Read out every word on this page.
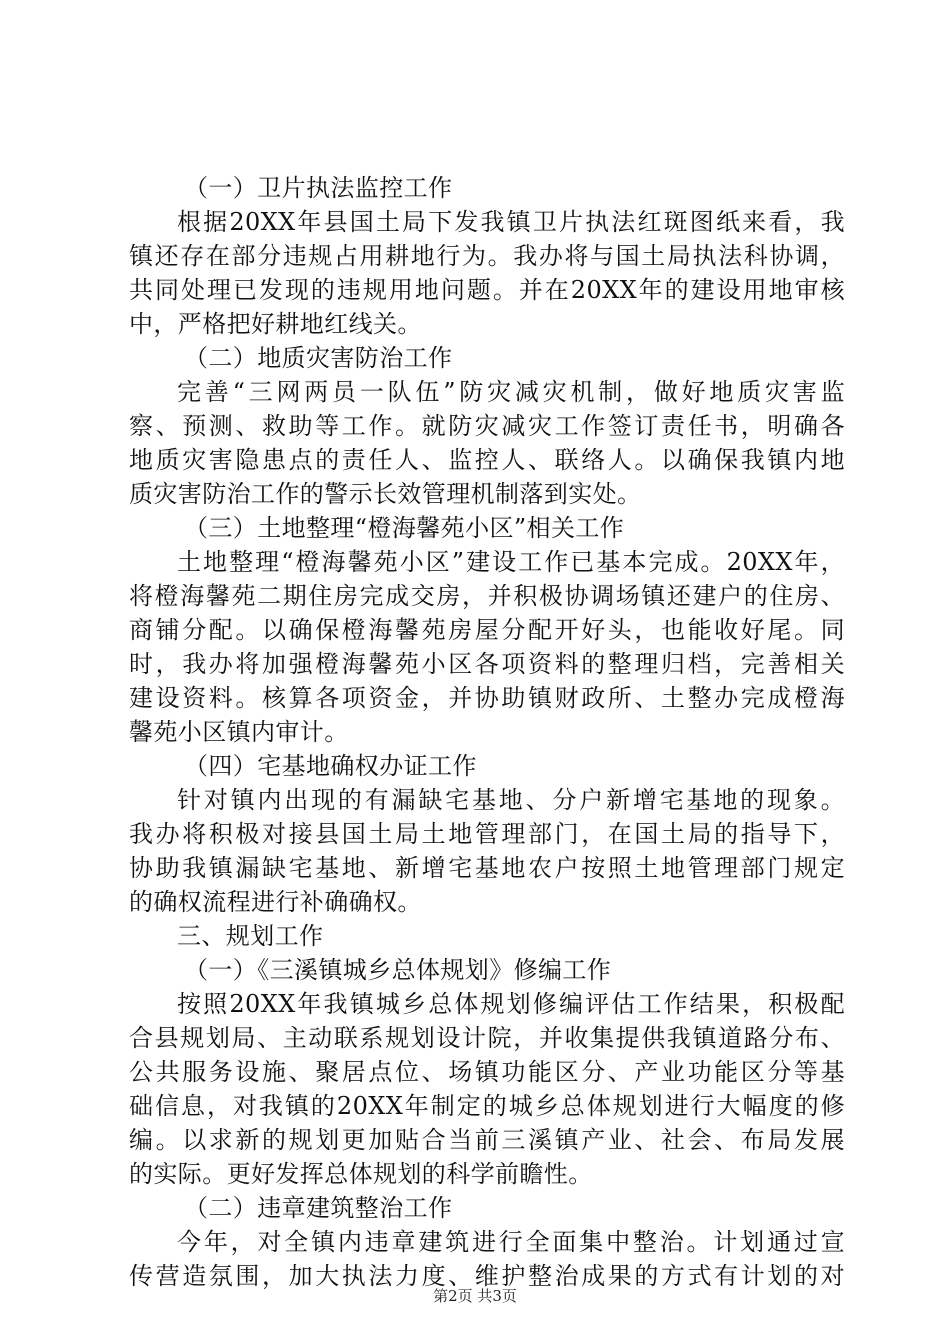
（一）卫片执法监控工作
根据20XX年县国土局下发我镇卫片执法红斑图纸来看，我
镇还存在部分违规占用耕地行为。我办将与国土局执法科协调，
共同处理已发现的违规用地问题。并在20XX年的建设用地审核
中，严格把好耕地红线关。
（二）地质灾害防治工作
完善“三网两员一队伍”防灾减灾机制，做好地质灾害监
察、预测、救助等工作。就防灾减灾工作签订责任书，明确各
地质灾害隐患点的责任人、监控人、联络人。以确保我镇内地
质灾害防治工作的警示长效管理机制落到实处。
（三）土地整理“橙海馨苑小区”相关工作
土地整理“橙海馨苑小区”建设工作已基本完成。20XX年，
将橙海馨苑二期住房完成交房，并积极协调场镇还建户的住房、
商铺分配。以确保橙海馨苑房屋分配开好头，也能收好尾。同
时，我办将加强橙海馨苑小区各项资料的整理归档，完善相关
建设资料。核算各项资金，并协助镇财政所、土整办完成橙海
馨苑小区镇内审计。
（四）宅基地确权办证工作
针对镇内出现的有漏缺宅基地、分户新增宅基地的现象。
我办将积极对接县国土局土地管理部门，在国土局的指导下，
协助我镇漏缺宅基地、新增宅基地农户按照土地管理部门规定
的确权流程进行补确确权。
三、规划工作
（一）《三溪镇城乡总体规划》修编工作
按照20XX年我镇城乡总体规划修编评估工作结果，积极配
合县规划局、主动联系规划设计院，并收集提供我镇道路分布、
公共服务设施、聚居点位、场镇功能区分、产业功能区分等基
础信息，对我镇的20XX年制定的城乡总体规划进行大幅度的修
编。以求新的规划更加贴合当前三溪镇产业、社会、布局发展
的实际。更好发挥总体规划的科学前瞻性。
（二）违章建筑整治工作
今年，对全镇内违章建筑进行全面集中整治。计划通过宣
传营造氛围，加大执法力度、维护整治成果的方式有计划的对
第2页 共3页
